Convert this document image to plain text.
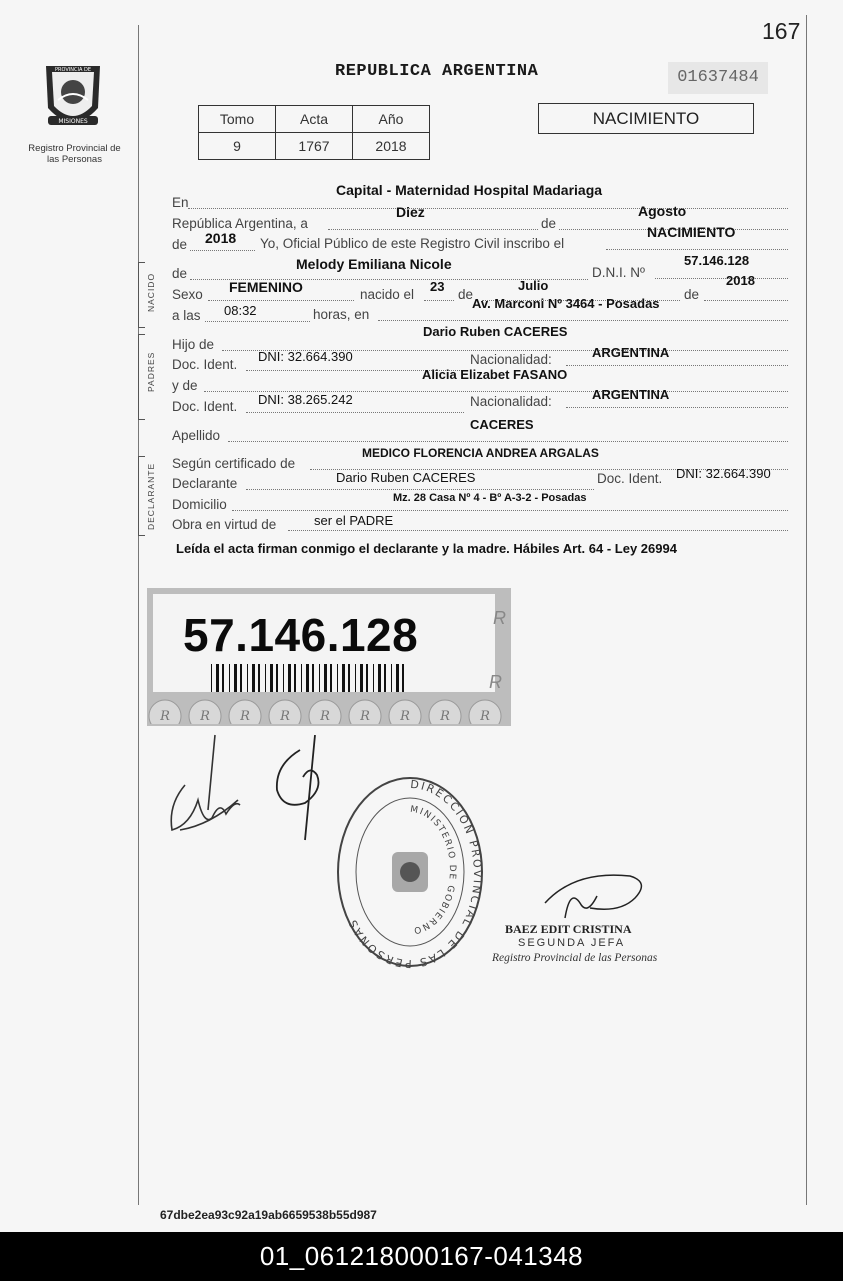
167
PROVINCIA DE
MISIONES
Registro Provincial de las Personas
REPUBLICA ARGENTINA	01637484
Tomo	Acta	Año
9	1767	2018
NACIMIENTO
En
Capital - Maternidad Hospital Madariaga
República Argentina, a
Diez
de
Agosto
de 2018 Yo, Oficial Público de este Registro Civil inscribo el
NACIMIENTO
NACIDO de
Melody Emiliana Nicole
D.N.I. Nº
57.146.128
Sexo FEMENINO	nacido el
23
de
Julio
de
2018
a las 08:32	horas, en
Av. Marconi Nº 3464 - Posadas
PADRES
Hijo de
Dario Ruben CACERES
Doc. Ident.
DNI: 32.664.390	Nacionalidad:	ARGENTINA
y de
Alicia Elizabet FASANO
Doc. Ident. DNI: 38.265.242	Nacionalidad:	ARGENTINA
Apellido
CACERES
DECLARANTE Según certificado de
MEDICO FLORENCIA ANDREA ARGALAS
Declarante	Dario Ruben CACERES	Doc. Ident. DNI: 32.664.390
Domicilio	Mz. 28 Casa Nº 4 - Bº A-3-2 - Posadas
Obra en virtud de	ser el PADRE
Leída el acta firman conmigo el declarante y la madre. Hábiles Art. 64 - Ley 26994
57.146.128	R
R
R R R R R R R R R
DIRECCION PROVINCIAL DE LAS PERSONAS
MINISTERIO DE GOBIERNO	BAEZ EDIT CRISTINA
SEGUNDA JEFA
Registro Provincial de las Personas
67dbe2ea93c92a19ab6659538b55d987
01_061218000167-041348
